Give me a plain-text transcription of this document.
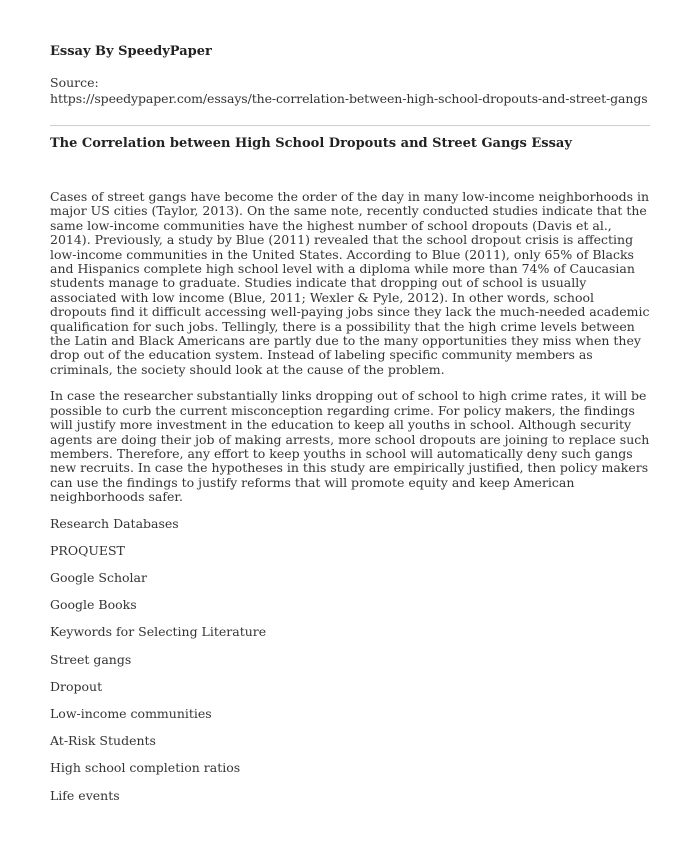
Essay By SpeedyPaper
Source:
https://speedypaper.com/essays/the-correlation-between-high-school-dropouts-and-street-gangs
The Correlation between High School Dropouts and Street Gangs Essay

Cases of street gangs have become the order of the day in many low-income neighborhoods in major US cities (Taylor, 2013). On the same note, recently conducted studies indicate that the same low-income communities have the highest number of school dropouts (Davis et al., 2014). Previously, a study by Blue (2011) revealed that the school dropout crisis is affecting low-income communities in the United States. According to Blue (2011), only 65% of Blacks and Hispanics complete high school level with a diploma while more than 74% of Caucasian students manage to graduate. Studies indicate that dropping out of school is usually associated with low income (Blue, 2011; Wexler & Pyle, 2012). In other words, school dropouts find it difficult accessing well-paying jobs since they lack the much-needed academic qualification for such jobs. Tellingly, there is a possibility that the high crime levels between the Latin and Black Americans are partly due to the many opportunities they miss when they drop out of the education system. Instead of labeling specific community members as criminals, the society should look at the cause of the problem.

In case the researcher substantially links dropping out of school to high crime rates, it will be possible to curb the current misconception regarding crime. For policy makers, the findings will justify more investment in the education to keep all youths in school. Although security agents are doing their job of making arrests, more school dropouts are joining to replace such members. Therefore, any effort to keep youths in school will automatically deny such gangs new recruits. In case the hypotheses in this study are empirically justified, then policy makers can use the findings to justify reforms that will promote equity and keep American neighborhoods safer.

Research Databases
PROQUEST
Google Scholar
Google Books
Keywords for Selecting Literature
Street gangs
Dropout
Low-income communities
At-Risk Students
High school completion ratios
Life events
